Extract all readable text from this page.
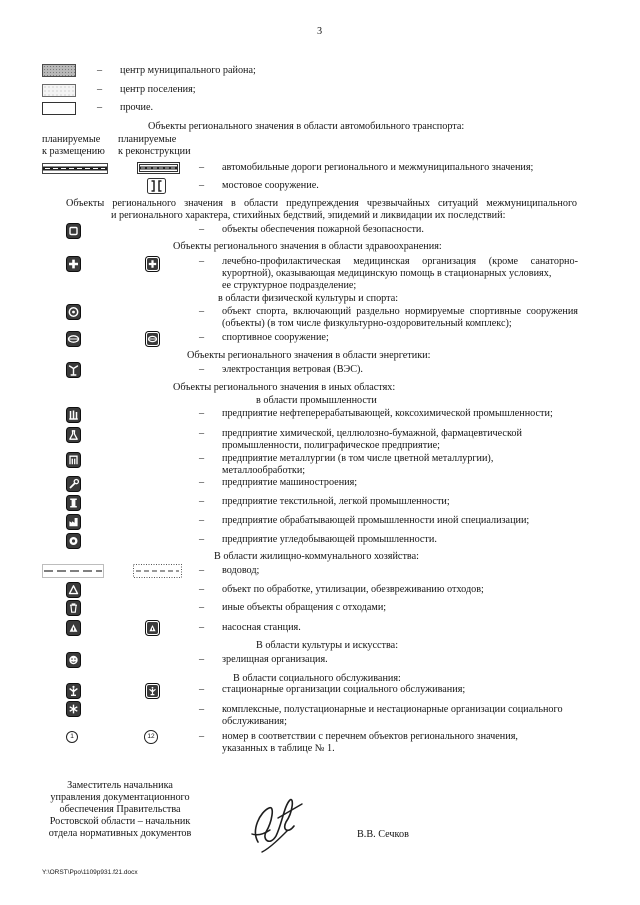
3
– центр муниципального района;
– центр поселения;
– прочие.
Объекты регионального значения в области автомобильного транспорта:
планируемые
к размещению
планируемые
к реконструкции
– автомобильные дороги регионального и межмуниципального значения;
– мостовое сооружение.
Объекты регионального значения в области предупреждения чрезвычайных ситуаций межмуниципального
и регионального характера, стихийных бедствий, эпидемий и ликвидации их последствий:
– объекты обеспечения пожарной безопасности.
Объекты регионального значения в области здравоохранения:
– лечебно-профилактическая медицинская организация (кроме санаторно-
курортной), оказывающая медицинскую помощь в стационарных условиях,
ее структурное подразделение;
в области физической культуры и спорта:
– объект спорта, включающий раздельно нормируемые спортивные сооружения
(объекты) (в том числе физкультурно-оздоровительный комплекс);
– спортивное сооружение;
Объекты регионального значения в области энергетики:
– электростанция ветровая (ВЭС).
Объекты регионального значения в иных областях:
в области промышленности
– предприятие нефтеперерабатывающей, коксохимической промышленности;
– предприятие химической, целлюлозно-бумажной, фармацевтической
промышленности, полиграфическое предприятие;
– предприятие металлургии (в том числе цветной металлургии),
металлообработки;
– предприятие машиностроения;
– предприятие текстильной, легкой промышленности;
– предприятие обрабатывающей промышленности иной специализации;
– предприятие угледобывающей промышленности.
В области жилищно-коммунального хозяйства:
– водовод;
– объект по обработке, утилизации, обезвреживанию отходов;
– иные объекты обращения с отходами;
– насосная станция.
В области культуры и искусства:
– зрелищная организация.
В области социального обслуживания:
– стационарные организации социального обслуживания;
– комплексные, полустационарные и нестационарные организации социального
обслуживания;
1	12	– номер в соответствии с перечнем объектов регионального значения,
указанных в таблице № 1.
Заместитель начальника
управления документационного
обеспечения Правительства
Ростовской области – начальник
отдела нормативных документов	В.В. Сечков
Y:\ORST\Ppo\1109p931.f21.docx
